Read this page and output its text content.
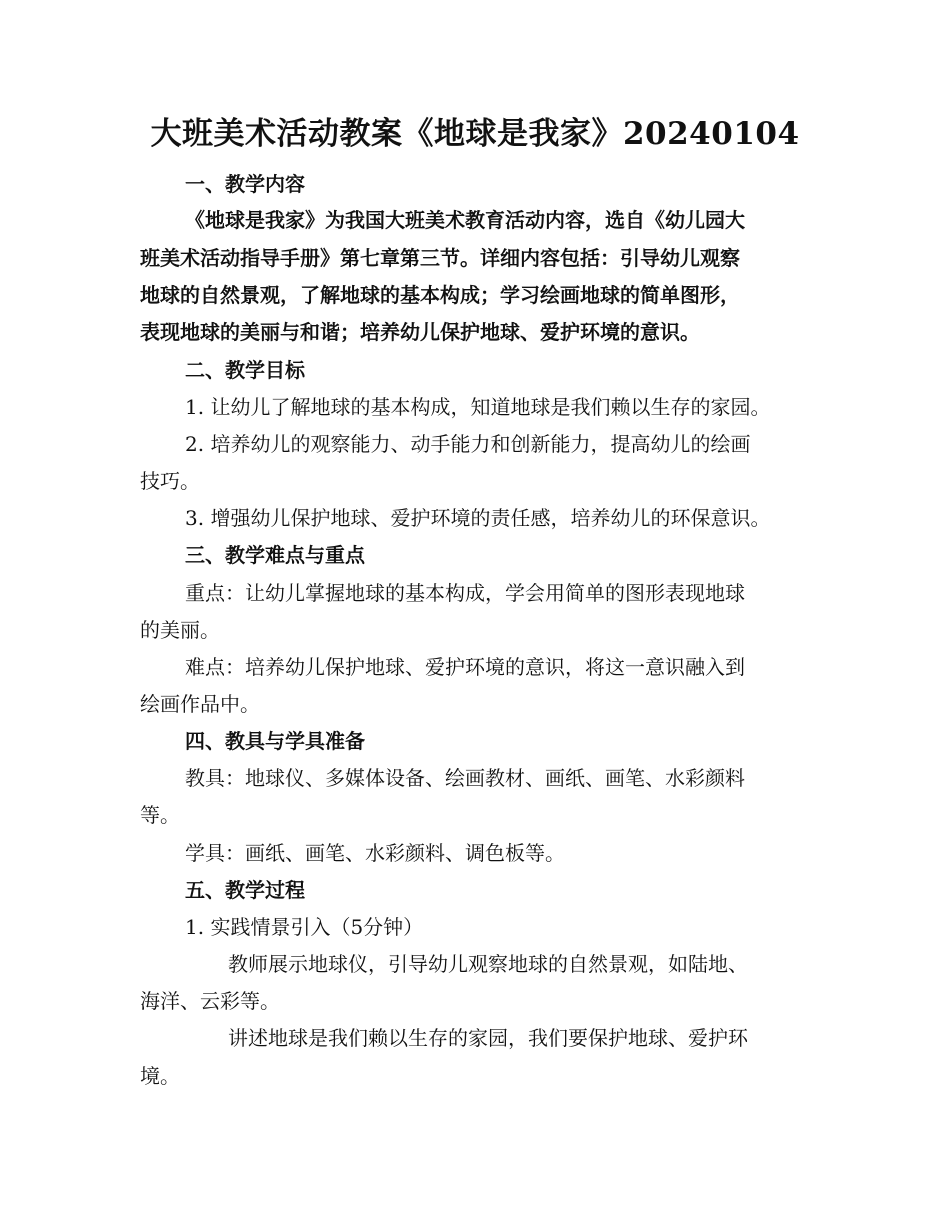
大班美术活动教案《地球是我家》20240104
一、教学内容
《地球是我家》为我国大班美术教育活动内容，选自《幼儿园大
班美术活动指导手册》第七章第三节。详细内容包括：引导幼儿观察
地球的自然景观，了解地球的基本构成；学习绘画地球的简单图形，
表现地球的美丽与和谐；培养幼儿保护地球、爱护环境的意识。
二、教学目标
1. 让幼儿了解地球的基本构成，知道地球是我们赖以生存的家园。
2. 培养幼儿的观察能力、动手能力和创新能力，提高幼儿的绘画
技巧。
3. 增强幼儿保护地球、爱护环境的责任感，培养幼儿的环保意识。
三、教学难点与重点
重点：让幼儿掌握地球的基本构成，学会用简单的图形表现地球
的美丽。
难点：培养幼儿保护地球、爱护环境的意识，将这一意识融入到
绘画作品中。
四、教具与学具准备
教具：地球仪、多媒体设备、绘画教材、画纸、画笔、水彩颜料
等。
学具：画纸、画笔、水彩颜料、调色板等。
五、教学过程
1. 实践情景引入（5分钟）
教师展示地球仪，引导幼儿观察地球的自然景观，如陆地、
海洋、云彩等。
讲述地球是我们赖以生存的家园，我们要保护地球、爱护环
境。
